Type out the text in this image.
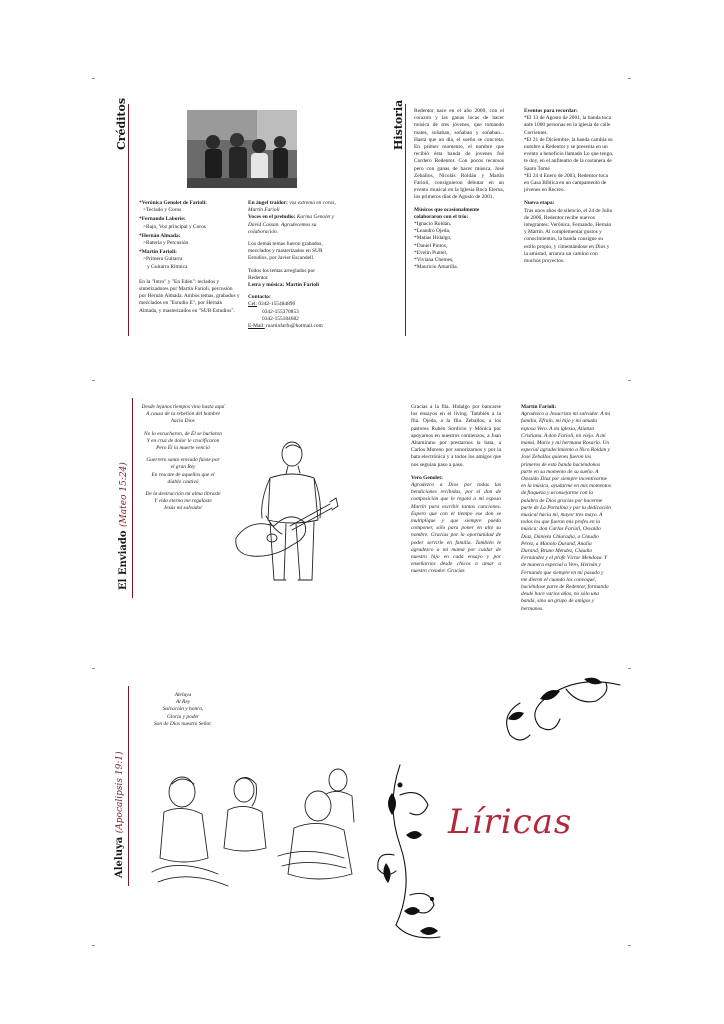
Créditos

*Verónica Genolet de Farioli:

>Teclado y Coros

*Fernando Laborie:

>Bajo, Voz principal y Coros

*Hernán Almada:

>Batería y Percusión

*Martín Farioli:

>Primera Guitarra

y Guitarra Rítmica

En la "Intro" y "En Edén": teclados y sintetizadores por Martín Farioli, percusión por Hernán Almada. Ambos temas, grabados y mezclados en "Estudio E", por Hernán Almada, y masterizados en "SUR Estudios".

En ángel traidor: voz extrema en coros, Martín Farioli

Voces en el preludio: Karina Genolet y David Cassan. Agradecemos su colaboración.

Los demás temas fueron grabados, mezclados y masterizados en SUR Estudios, por Javier Escandell.

Todos los temas arreglados por Redentor

Letra y música: Martín Farioli

Contacto:

Cel: 0342-155484896

0342-155370853

0342-155184682

E-Mail: martinfarfu@hotmail.com

Historia Redentor nace en el año 2000, con el corazón y las ganas locas de hacer música de tres jóvenes, que tomando mates, soñaban, soñaban y soñaban... Hasta que un día, el sueño se concreta. En primer momento, el nombre que recibió ésta banda de jovenes fué Cordero Redentor. Con pocos recursos pero con ganas de hacer música, José Zeballos, Nicolás Roldán y Martín Farioli, consiguieron debutar en un evento musical en la Iglesia Roca Eterna, los primeros días de Agosto de 2001.

Músicos que ocasionalmente colaboraron con el trío:

*Ignacio Roldán,

*Leandro Ojeda,

*Matías Hidalgo,

*Daniel Pintos,

*Evelin Puntel,

*Viviana Chemes,

*Mauricio Amarilla.

Eventos para recordar:

*El 13 de Agosto de 2001, la banda toca ante 1000 personas en la iglesia de calle Corrientes.

*El 21 de Diciembre, la banda cambia su nombre a Redentor y se presenta en un evento a beneficio llamado Lo que tengo, te doy, en el anfiteatro de la costanera de Santo Tomé

*El 24 d Enero de 2003, Redentor toca en Casa Bíblica en un campamento de jóvenes en Recreo.

Nueva etapa:

Tras unos años de silencio, el 24 de Julio de 2006, Redentor recibe nuevos integrantes: Verónica, Fernando, Hernán y Martín. Al complementar gustos y conocimientos, la banda consigue su estilo propio, y cimentándose en Dios y la amistad, arranca un camino con muchos proyectos.

El Enviado (Mateo 15:24)

Desde lejanos tiempos vino hasta aquí

A causa de la rebelión del hombre

hacia Dios

No lo escucharon, de Él se burlaron

Y en cruz de dolor le crucificaron

Pero Él la muerte venció

Guerrero santo enviado fuiste por

el gran Rey

En rescate de aquellos que el

diablo cautivó

De la destrucción mi alma libraste

Y vida eterna me regalaste

Jesús mi salvador

Gracias a la flia. Hidalgo por bancarse los ensayos en el living. También a la flia. Ojeda, a la flia. Zeballos, a los pastores Rubén Sordicio y Mónica por apoyarnos en nuestros comienzos, a Juan Altamirano por prestarnos la bata, a Carlos Moreno por sonorizarnos y por la bata electrónica y a todos los amigos que nos seguían paso a paso.

Vero Genolet:

Agradezco a Dios por todas las bendiciones recibidas, por el don de composición que le regaló a mi esposo Martín para escribir tantas canciones. Espero que con el tiempo ese don se multiplique y que siempre pueda componer, sólo para poner en alto su nombre. Gracias por la oportunidad de poder servirle en familia. También le agradezco a mi mamá por cuidar de nuestro hijo en cada ensayo y por enseñarnos desde chicos a amar a nuestro creador. Gracias

Martín Farioli:

Agradezco a Jesucristo mi salvador. A mi familia, Efraín, mi hijo y mi amada esposa Vero. A mi iglesia, Alianza Cristiana. A don Farioli, mi viejo. A mi mamá, Mario y mi hermana Rosario. Un especial agradecimiento a Nico Roldán y José Zeballos quienes fueron los primeros de esta banda haciéndonos parte en su momento de su sueño. A Osvaldo Díaz por siempre incentivarme en la música, ayudarme en mis momentos de flaqueza y aconsejarme con la palabra de Dios gracias por hacerme parte de La Portalina y por tu dedicación musical hacia mí, mayor tres mayo. A todos los que fueron mis profes en la música: don Carlos Farioli, Osvaldo Díaz, Daniela Chiaradía, a Claudio Pérez, a Manolo Durand, Analía Durand, Bruno Méndez, Claudio Fernández y el profe Víctor Mendoza. Y de manera especial a Vero, Hernán y Fernando que siempre en mi pasado y me dieron el cuando los convoqué, haciéndose parte de Redentor, formando desde hace varios años, no sólo una banda, sino un grupo de amigos y hermanos.

Aleluya (Apocalipsis 19:1)

Aleluya

Al Rey

Salvación y honra,

Gloria y poder

Son de Dios nuestro Señor.

Líricas
